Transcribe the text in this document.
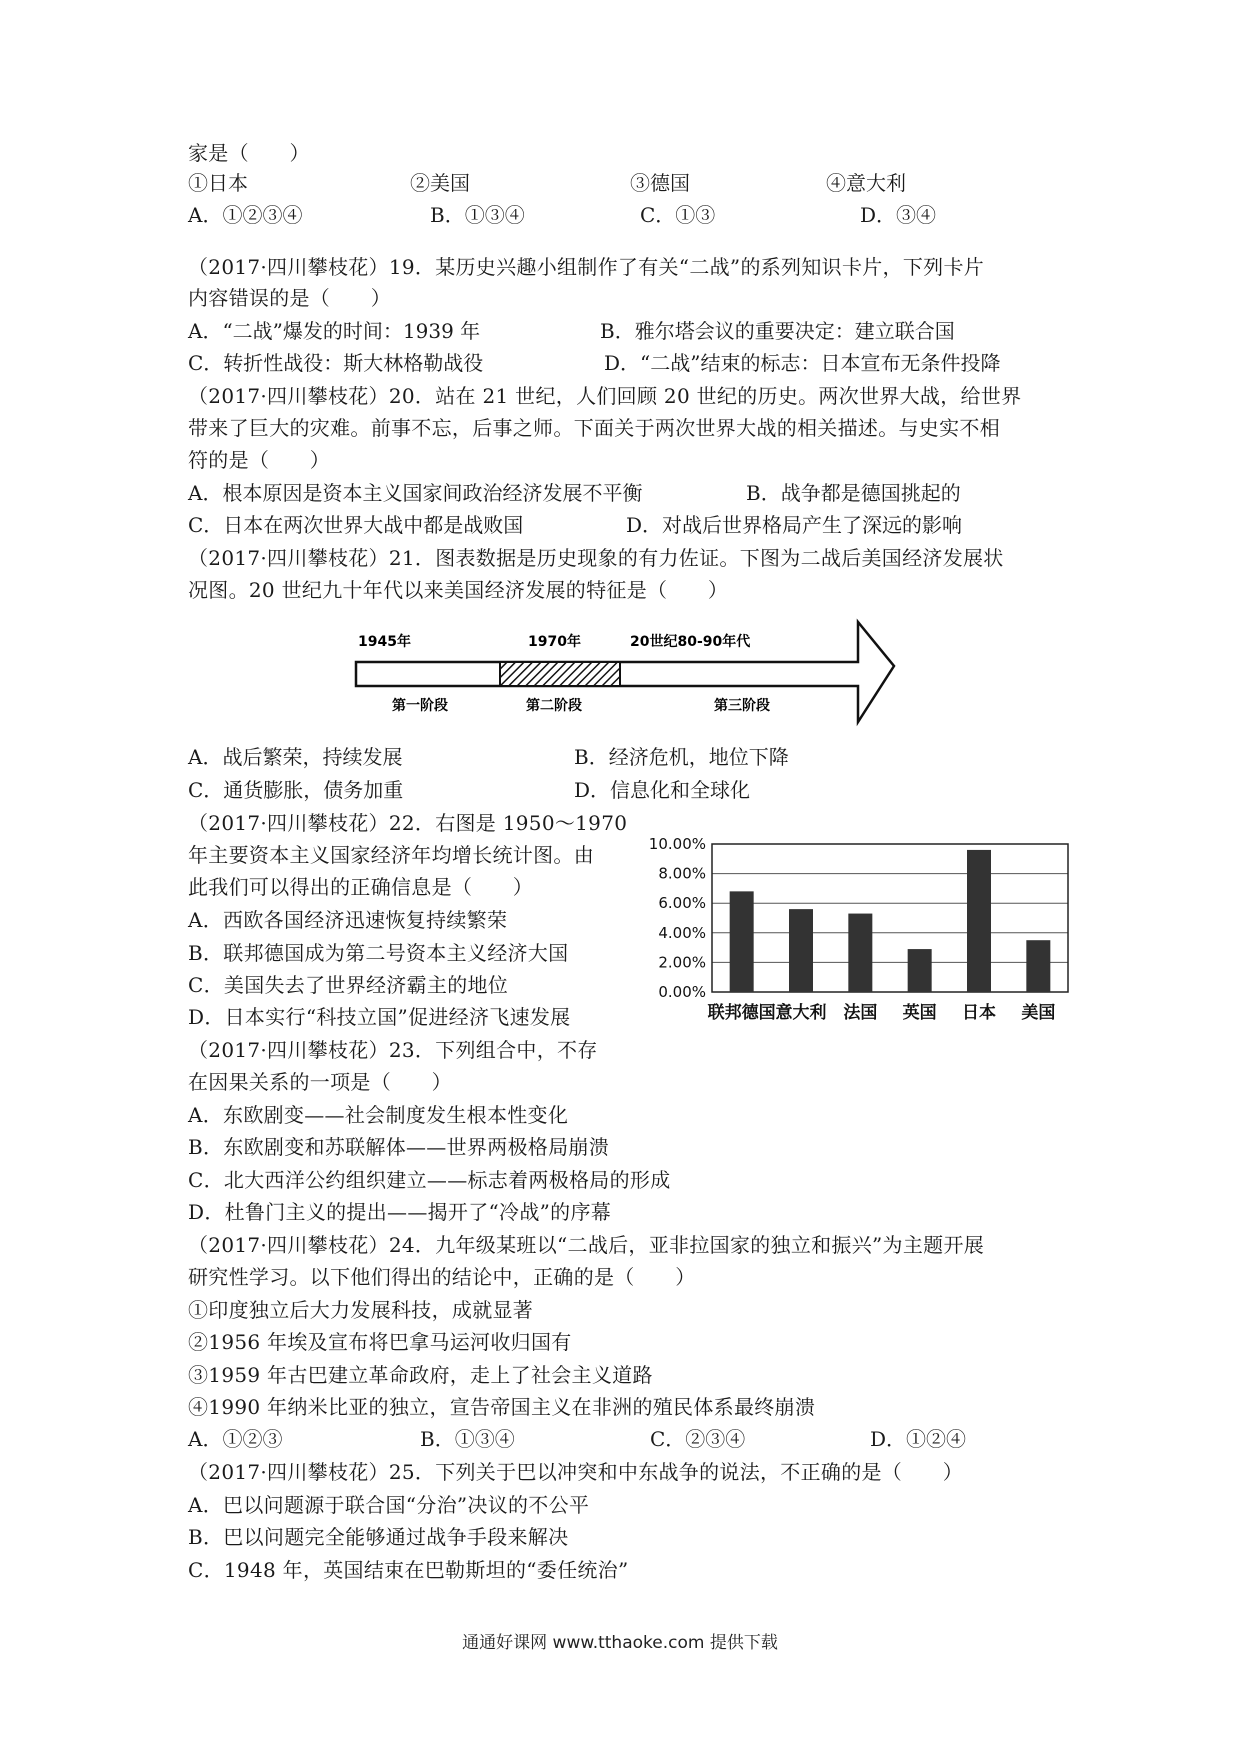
家是（　　）
①日本	②美国	③德国	④意大利
A．①②③④	B．①③④	C．①③	D．③④
（2017·四川攀枝花）19．某历史兴趣小组制作了有关“二战”的系列知识卡片，下列卡片
内容错误的是（　　）
A．“二战”爆发的时间：1939 年	B．雅尔塔会议的重要决定：建立联合国
C．转折性战役：斯大林格勒战役	D．“二战”结束的标志：日本宣布无条件投降
（2017·四川攀枝花）20．站在 21 世纪，人们回顾 20 世纪的历史。两次世界大战，给世界
带来了巨大的灾难。前事不忘，后事之师。下面关于两次世界大战的相关描述。与史实不相
符的是（　　）
A．根本原因是资本主义国家间政治经济发展不平衡	B．战争都是德国挑起的
C．日本在两次世界大战中都是战败国	D．对战后世界格局产生了深远的影响
（2017·四川攀枝花）21．图表数据是历史现象的有力佐证。下图为二战后美国经济发展状
况图。20 世纪九十年代以来美国经济发展的特征是（　　）
1945年	1970年	20世纪80-90年代
第一阶段	第二阶段	第三阶段
A．战后繁荣，持续发展	B．经济危机，地位下降
C．通货膨胀，债务加重	D．信息化和全球化
（2017·四川攀枝花）22．右图是 1950～1970
年主要资本主义国家经济年均增长统计图。由
此我们可以得出的正确信息是（　　）
A．西欧各国经济迅速恢复持续繁荣
B．联邦德国成为第二号资本主义经济大国
C．美国失去了世界经济霸主的地位
D．日本实行“科技立国”促进经济飞速发展
0.00%
2.00%
4.00%
6.00%
8.00%
10.00%
联邦德国 意大利 法国 英国 日本 美国
（2017·四川攀枝花）23．下列组合中，不存
在因果关系的一项是（　　）
A．东欧剧变——社会制度发生根本性变化
B．东欧剧变和苏联解体——世界两极格局崩溃
C．北大西洋公约组织建立——标志着两极格局的形成
D．杜鲁门主义的提出——揭开了“冷战”的序幕
（2017·四川攀枝花）24．九年级某班以“二战后，亚非拉国家的独立和振兴”为主题开展
研究性学习。以下他们得出的结论中，正确的是（　　）
①印度独立后大力发展科技，成就显著
②1956 年埃及宣布将巴拿马运河收归国有
③1959 年古巴建立革命政府，走上了社会主义道路
④1990 年纳米比亚的独立，宣告帝国主义在非洲的殖民体系最终崩溃
A．①②③	B．①③④	C．②③④	D．①②④
（2017·四川攀枝花）25．下列关于巴以冲突和中东战争的说法，不正确的是（　　）
A．巴以问题源于联合国“分治”决议的不公平
B．巴以问题完全能够通过战争手段来解决
C．1948 年，英国结束在巴勒斯坦的“委任统治”
通通好课网 www.tthaoke.com 提供下载
